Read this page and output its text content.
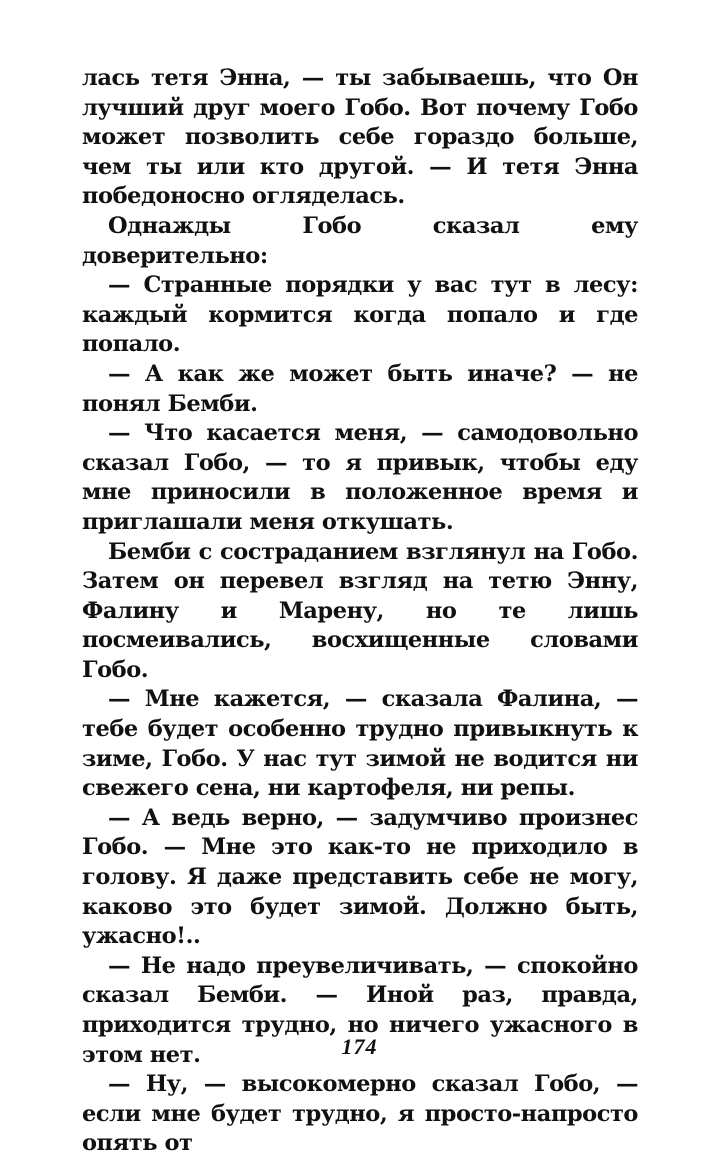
лась тетя Энна, — ты забываешь, что Он лучший друг моего Гобо. Вот почему Гобо может позволить себе гораздо больше, чем ты или кто другой. — И тетя Энна победоносно огляделась.

Однажды Гобо сказал ему доверительно:

— Странные порядки у вас тут в лесу: каждый кормится когда попало и где попало.

— А как же может быть иначе? — не понял Бемби.

— Что касается меня, — самодовольно сказал Гобо, — то я привык, чтобы еду мне приносили в положенное время и приглашали меня откушать.

Бемби с состраданием взглянул на Гобо. Затем он перевел взгляд на тетю Энну, Фалину и Марену, но те лишь посмеивались, восхищенные словами Гобо.

— Мне кажется, — сказала Фалина, — тебе будет особенно трудно привыкнуть к зиме, Гобо. У нас тут зимой не водится ни свежего сена, ни картофеля, ни репы.

— А ведь верно, — задумчиво произнес Гобо. — Мне это как-то не приходило в голову. Я даже представить себе не могу, каково это будет зимой. Должно быть, ужасно!..

— Не надо преувеличивать, — спокойно сказал Бемби. — Иной раз, правда, приходится трудно, но ничего ужасного в этом нет.

— Ну, — высокомерно сказал Гобо, — если мне будет трудно, я просто-напросто опять от

174
